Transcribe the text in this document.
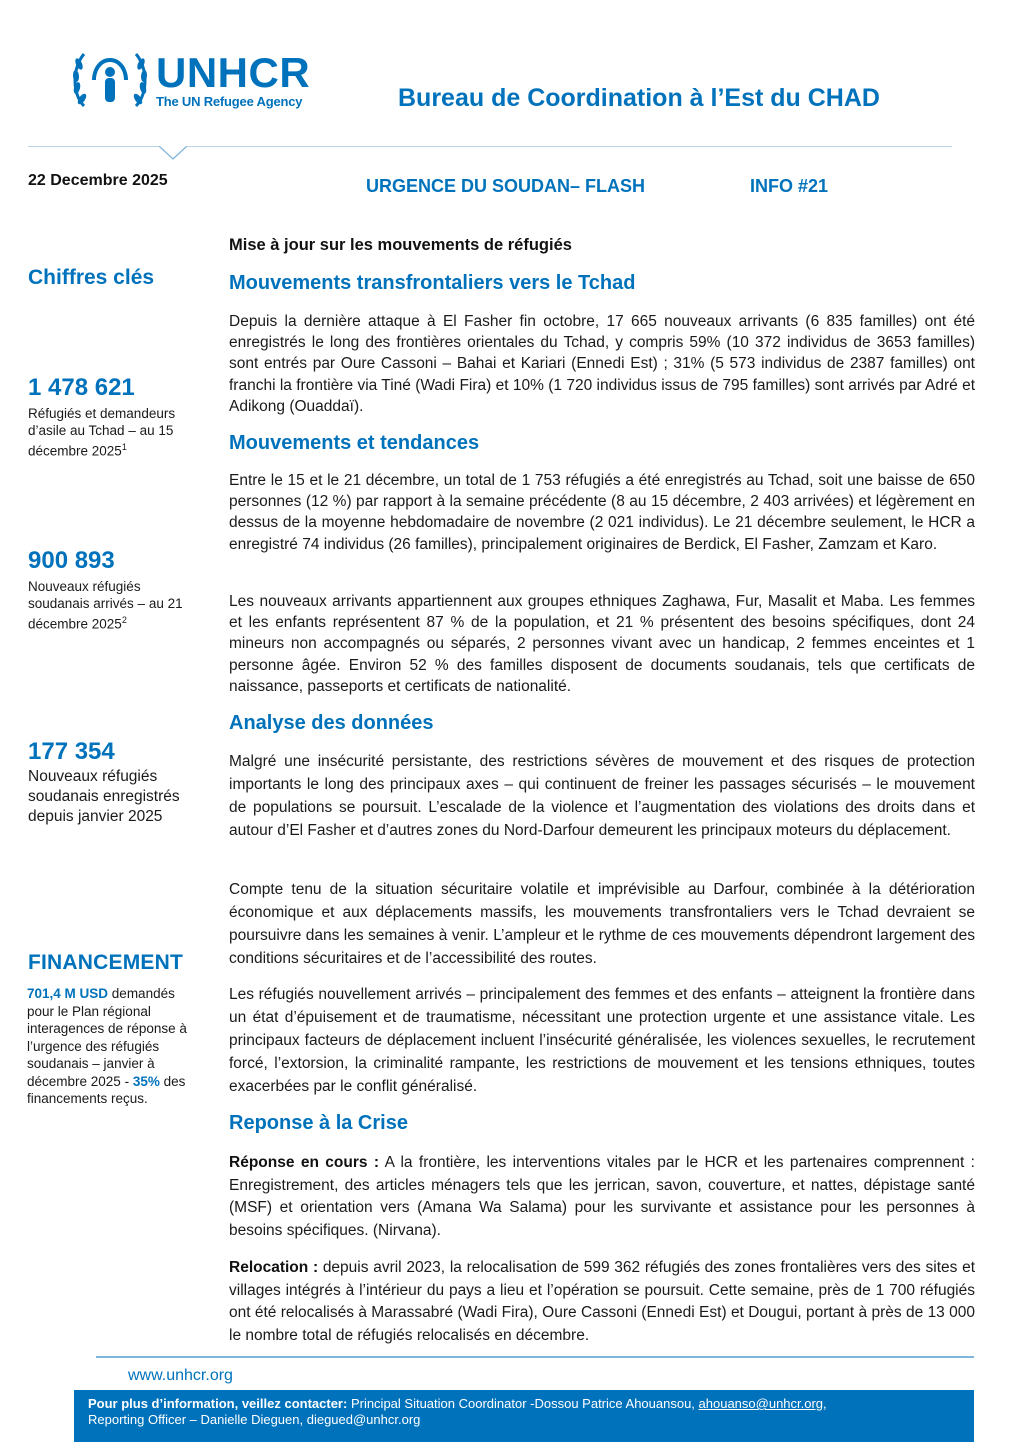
UNHCR
The UN Refugee Agency	Bureau de Coordination à l’Est du CHAD
22 Decembre 2025	URGENCE DU SOUDAN– FLASH	INFO #21
Chiffres clés
1 478 621
Réfugiés et demandeurs d’asile au Tchad – au 15 décembre 2025$^1$
900 893
Nouveaux réfugiés soudanais arrivés – au 21 décembre 2025$^2$
177 354
Nouveaux réfugiés soudanais enregistrés depuis janvier 2025
FINANCEMENT
701,4 M USD demandés pour le Plan régional interagences de réponse à l’urgence des réfugiés soudanais – janvier à décembre 2025 - 35% des financements reçus.
Mise à jour sur les mouvements de réfugiés
Mouvements transfrontaliers vers le Tchad

Depuis la dernière attaque à El Fasher fin octobre, 17 665 nouveaux arrivants (6 835 familles) ont été enregistrés le long des frontières orientales du Tchad, y compris 59% (10 372 individus de 3653 familles) sont entrés par Oure Cassoni – Bahai et Kariari (Ennedi Est) ; 31% (5 573 individus de 2387 familles) ont franchi la frontière via Tiné (Wadi Fira) et 10% (1 720 individus issus de 795 familles) sont arrivés par Adré et Adikong (Ouaddaï).

Mouvements et tendances

Entre le 15 et le 21 décembre, un total de 1 753 réfugiés a été enregistrés au Tchad, soit une baisse de 650 personnes (12 %) par rapport à la semaine précédente (8 au 15 décembre, 2 403 arrivées) et légèrement en dessus de la moyenne hebdomadaire de novembre (2 021 individus). Le 21 décembre seulement, le HCR a enregistré 74 individus (26 familles), principalement originaires de Berdick, El Fasher, Zamzam et Karo.

Les nouveaux arrivants appartiennent aux groupes ethniques Zaghawa, Fur, Masalit et Maba. Les femmes et les enfants représentent 87 % de la population, et 21 % présentent des besoins spécifiques, dont 24 mineurs non accompagnés ou séparés, 2 personnes vivant avec un handicap, 2 femmes enceintes et 1 personne âgée. Environ 52 % des familles disposent de documents soudanais, tels que certificats de naissance, passeports et certificats de nationalité.

Analyse des données

Malgré une insécurité persistante, des restrictions sévères de mouvement et des risques de protection importants le long des principaux axes – qui continuent de freiner les passages sécurisés – le mouvement de populations se poursuit. L’escalade de la violence et l’augmentation des violations des droits dans et autour d’El Fasher et d’autres zones du Nord-Darfour demeurent les principaux moteurs du déplacement.

Compte tenu de la situation sécuritaire volatile et imprévisible au Darfour, combinée à la détérioration économique et aux déplacements massifs, les mouvements transfrontaliers vers le Tchad devraient se poursuivre dans les semaines à venir. L’ampleur et le rythme de ces mouvements dépendront largement des conditions sécuritaires et de l’accessibilité des routes.

Les réfugiés nouvellement arrivés – principalement des femmes et des enfants – atteignent la frontière dans un état d’épuisement et de traumatisme, nécessitant une protection urgente et une assistance vitale. Les principaux facteurs de déplacement incluent l’insécurité généralisée, les violences sexuelles, le recrutement forcé, l’extorsion, la criminalité rampante, les restrictions de mouvement et les tensions ethniques, toutes exacerbées par le conflit généralisé.

Reponse à la Crise

Réponse en cours : A la frontière, les interventions vitales par le HCR et les partenaires comprennent : Enregistrement, des articles ménagers tels que les jerrican, savon, couverture, et nattes, dépistage santé (MSF) et orientation vers (Amana Wa Salama) pour les survivante et assistance pour les personnes à besoins spécifiques. (Nirvana).

Relocation : depuis avril 2023, la relocalisation de 599 362 réfugiés des zones frontalières vers des sites et villages intégrés à l’intérieur du pays a lieu et l’opération se poursuit. Cette semaine, près de 1 700 réfugiés ont été relocalisés à Marassabré (Wadi Fira), Oure Cassoni (Ennedi Est) et Dougui, portant à près de 13 000 le nombre total de réfugiés relocalisés en décembre.

www.unhcr.org
Pour plus d’information, veillez contacter: Principal Situation Coordinator -Dossou Patrice Ahouansou, ahouanso@unhcr.org,
Reporting Officer – Danielle Dieguen, diegued@unhcr.org
